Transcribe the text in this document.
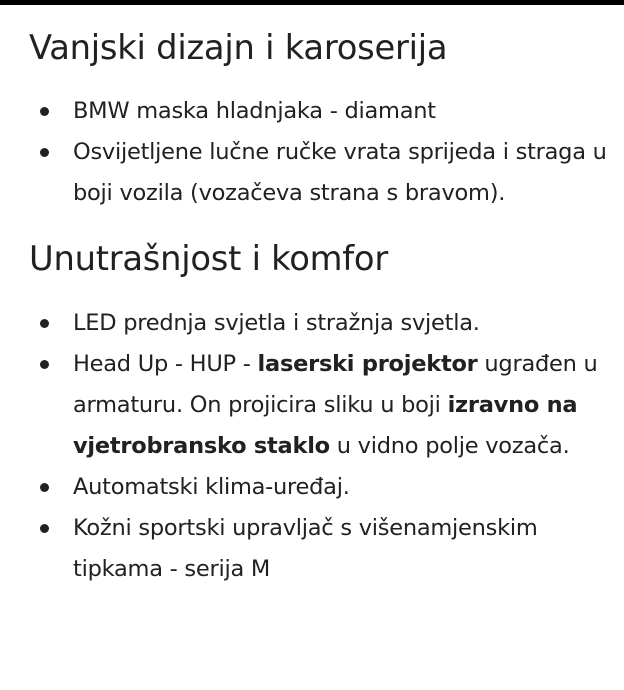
Vanjski dizajn i karoserija
BMW maska hladnjaka - diamant
Osvijetljene lučne ručke vrata sprijeda i straga u boji vozila (vozačeva strana s bravom).
Unutrašnjost i komfor
LED prednja svjetla i stražnja svjetla.
Head Up - HUP - laserski projektor ugrađen u armaturu. On projicira sliku u boji izravno na vjetrobransko staklo u vidno polje vozača.
Automatski klima-uređaj.
Kožni sportski upravljač s višenamjenskim tipkama - serija M
